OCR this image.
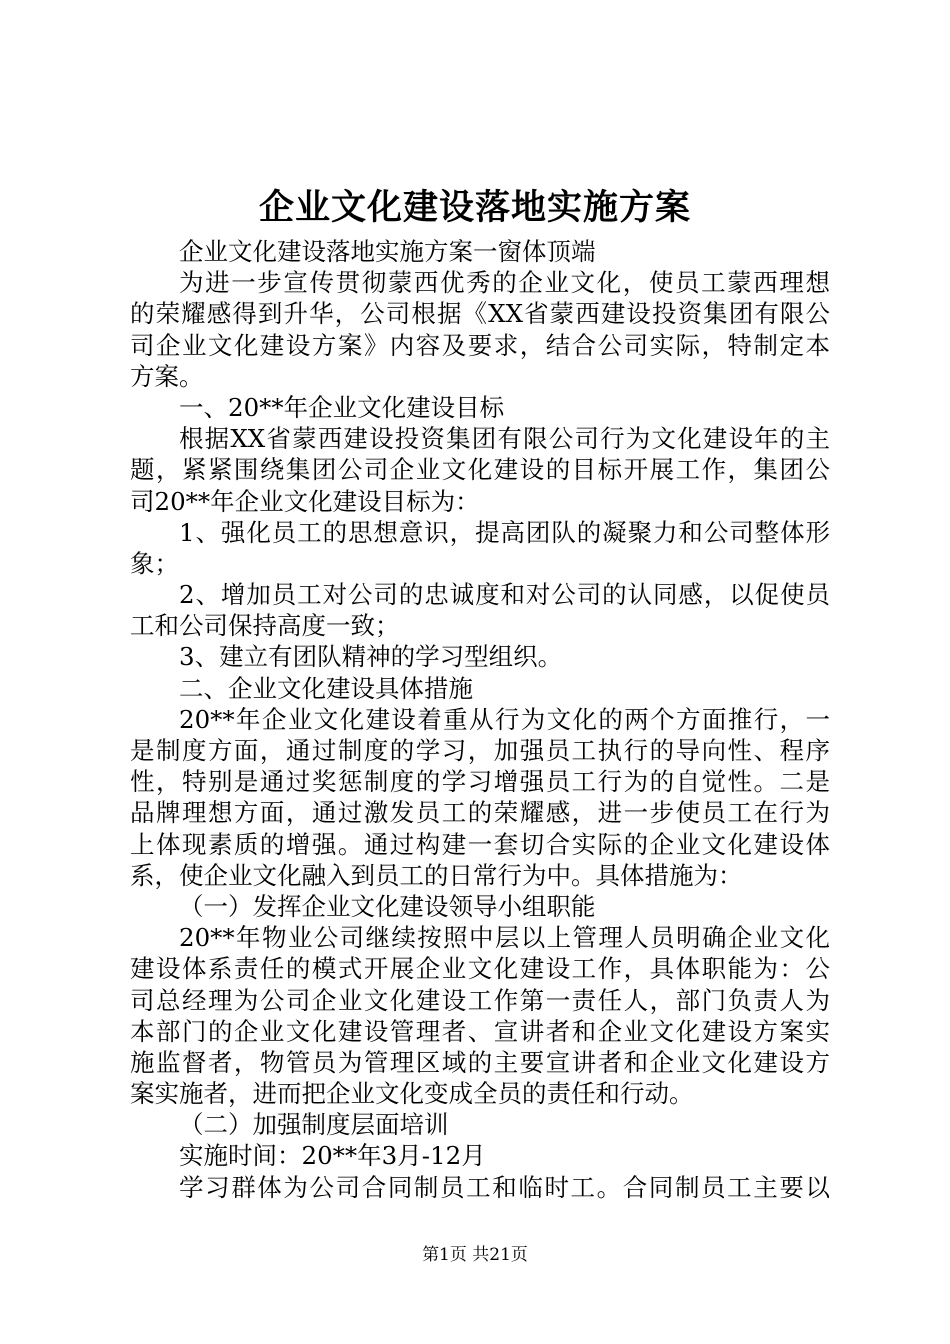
企业文化建设落地实施方案
企业文化建设落地实施方案一窗体顶端
为进一步宣传贯彻蒙西优秀的企业文化，使员工蒙西理想
的荣耀感得到升华，公司根据《XX省蒙西建设投资集团有限公
司企业文化建设方案》内容及要求，结合公司实际，特制定本
方案。
一、20**年企业文化建设目标
根据XX省蒙西建设投资集团有限公司行为文化建设年的主
题，紧紧围绕集团公司企业文化建设的目标开展工作，集团公
司20**年企业文化建设目标为：
1、强化员工的思想意识，提高团队的凝聚力和公司整体形
象；
2、增加员工对公司的忠诚度和对公司的认同感，以促使员
工和公司保持高度一致；
3、建立有团队精神的学习型组织。
二、企业文化建设具体措施
20**年企业文化建设着重从行为文化的两个方面推行，一
是制度方面，通过制度的学习，加强员工执行的导向性、程序
性，特别是通过奖惩制度的学习增强员工行为的自觉性。二是
品牌理想方面，通过激发员工的荣耀感，进一步使员工在行为
上体现素质的增强。通过构建一套切合实际的企业文化建设体
系，使企业文化融入到员工的日常行为中。具体措施为：
（一）发挥企业文化建设领导小组职能
20**年物业公司继续按照中层以上管理人员明确企业文化
建设体系责任的模式开展企业文化建设工作，具体职能为：公
司总经理为公司企业文化建设工作第一责任人，部门负责人为
本部门的企业文化建设管理者、宣讲者和企业文化建设方案实
施监督者，物管员为管理区域的主要宣讲者和企业文化建设方
案实施者，进而把企业文化变成全员的责任和行动。
（二）加强制度层面培训
实施时间：20**年3月-12月
学习群体为公司合同制员工和临时工。合同制员工主要以
第1页 共21页
